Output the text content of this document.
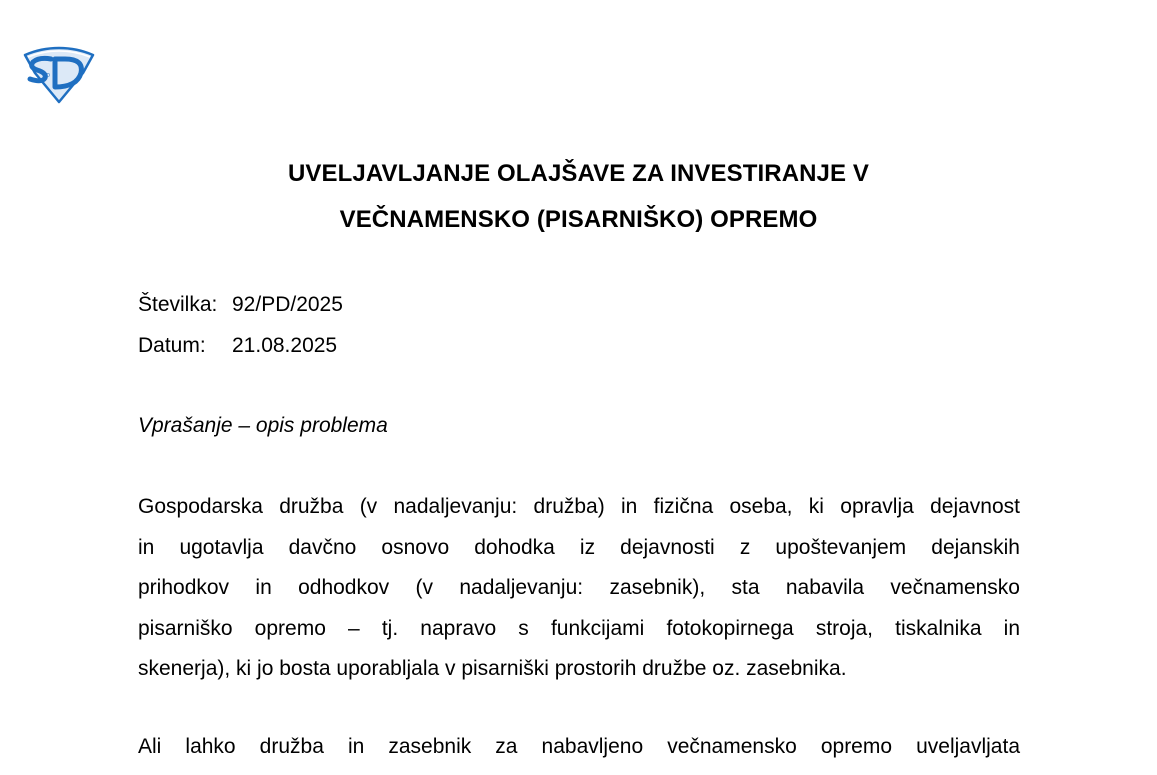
SD
UVELJAVLJANJE OLAJŠAVE ZA INVESTIRANJE V
VEČNAMENSKO (PISARNIŠKO) OPREMO

Številka: 92/PD/2025

Datum: 21.08.2025

Vprašanje – opis problema

Gospodarska družba (v nadaljevanju: družba) in fizična oseba, ki opravlja dejavnost
in ugotavlja davčno osnovo dohodka iz dejavnosti z upoštevanjem dejanskih
prihodkov in odhodkov (v nadaljevanju: zasebnik), sta nabavila večnamensko
pisarniško opremo – tj. napravo s funkcijami fotokopirnega stroja, tiskalnika in
skenerja), ki jo bosta uporabljala v pisarniški prostorih družbe oz. zasebnika.
Ali lahko družba in zasebnik za nabavljeno večnamensko opremo uveljavljata
